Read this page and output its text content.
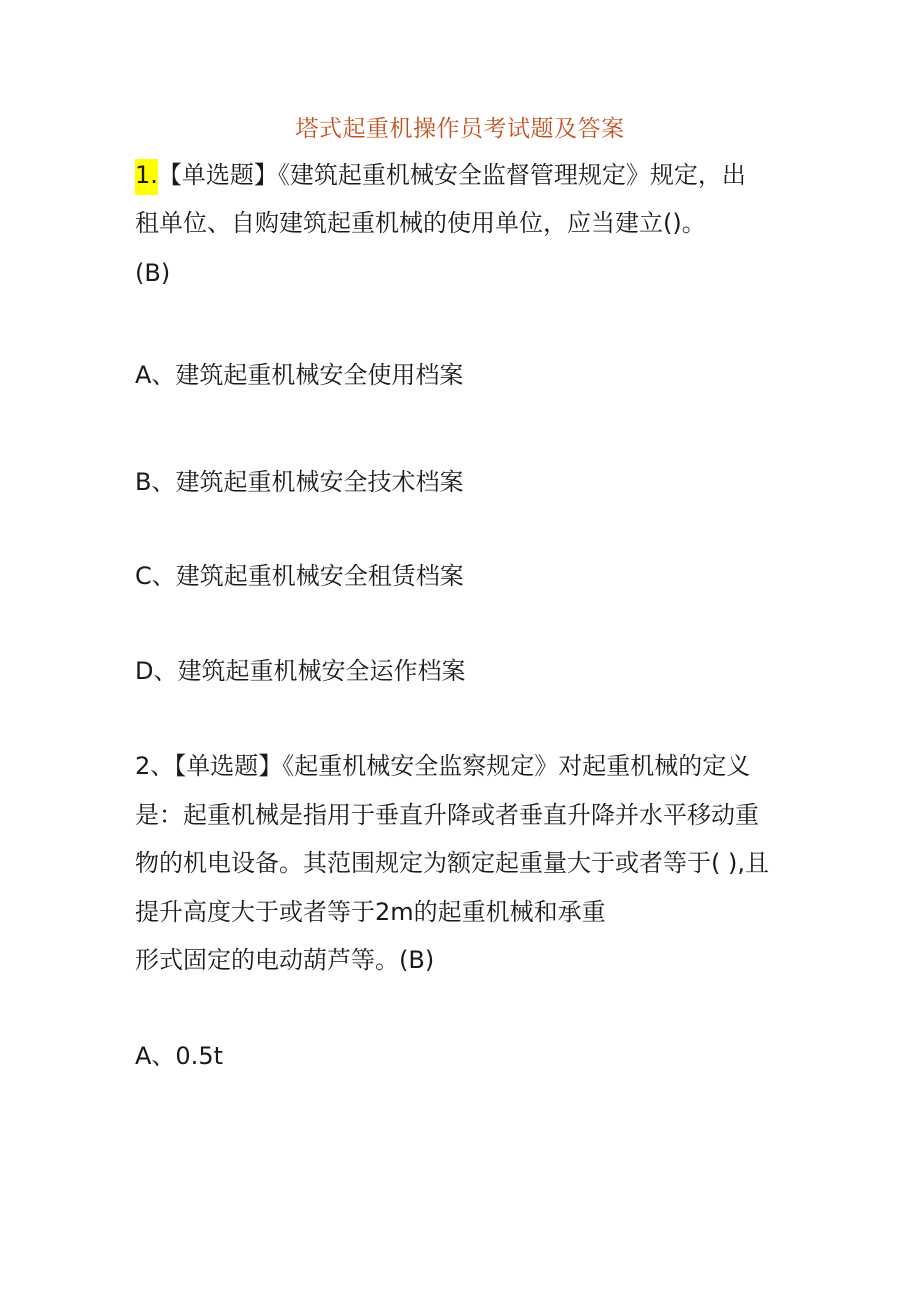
塔式起重机操作员考试题及答案
1.【单选题】《建筑起重机械安全监督管理规定》规定，出
租单位、自购建筑起重机械的使用单位，应当建立()。
(B)
A、建筑起重机械安全使用档案
B、建筑起重机械安全技术档案
C、建筑起重机械安全租赁档案
D、建筑起重机械安全运作档案
2、【单选题】《起重机械安全监察规定》对起重机械的定义
是：起重机械是指用于垂直升降或者垂直升降并水平移动重
物的机电设备。其范围规定为额定起重量大于或者等于( ),且
提升高度大于或者等于2m的起重机械和承重
形式固定的电动葫芦等。(B)
A、0.5t
